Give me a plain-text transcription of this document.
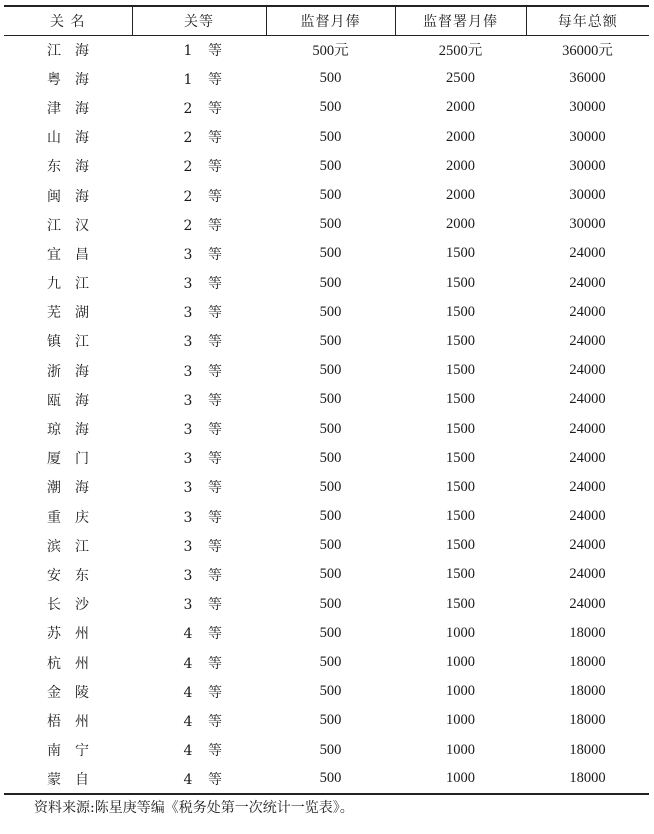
关 名	关等	监督月俸	监督署月俸	每年总额
江海	1 等	500元	2500元	36000元
粤海	1 等	500	2500	36000
津海	2 等	500	2000	30000
山海	2 等	500	2000	30000
东海	2 等	500	2000	30000
闽海	2 等	500	2000	30000
江汉	2 等	500	2000	30000
宜昌	3 等	500	1500	24000
九江	3 等	500	1500	24000
芜湖	3 等	500	1500	24000
镇江	3 等	500	1500	24000
浙海	3 等	500	1500	24000
瓯海	3 等	500	1500	24000
琼海	3 等	500	1500	24000
厦门	3 等	500	1500	24000
潮海	3 等	500	1500	24000
重庆	3 等	500	1500	24000
滨江	3 等	500	1500	24000
安东	3 等	500	1500	24000
长沙	3 等	500	1500	24000
苏州	4 等	500	1000	18000
杭州	4 等	500	1000	18000
金陵	4 等	500	1000	18000
梧州	4 等	500	1000	18000
南宁	4 等	500	1000	18000
蒙自	4 等	500	1000	18000
资料来源:陈星庚等编《税务处第一次统计一览表》。
